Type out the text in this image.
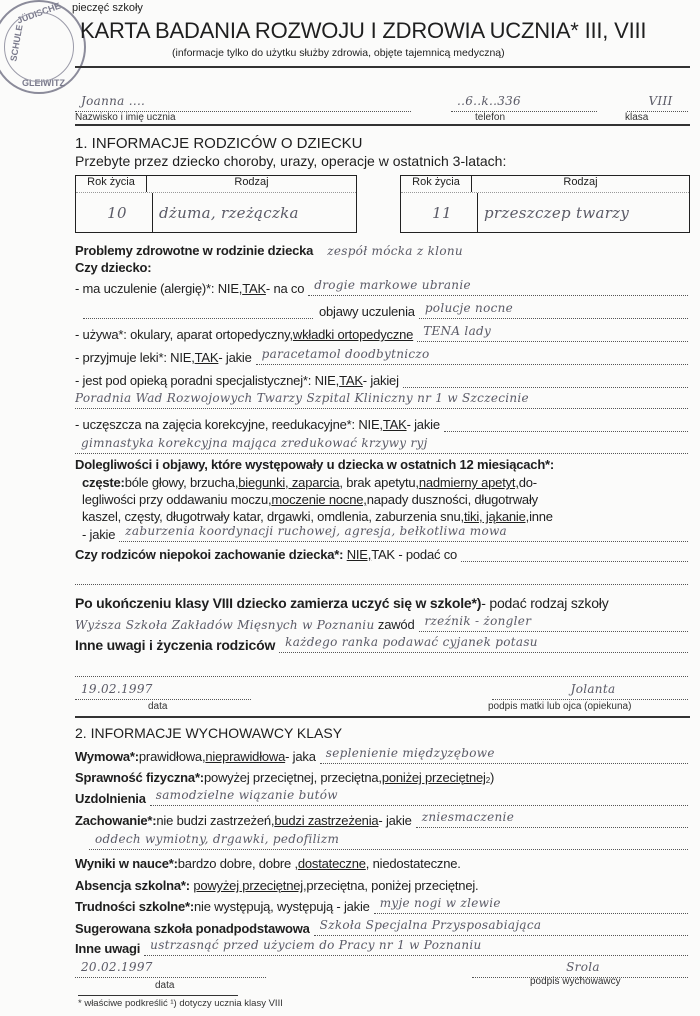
JÜDISCHE
SCHULE
GLEIWITZ
pieczęć szkoły
KARTA BADANIA ROZWOJU I ZDROWIA UCZNIA* III, VIII
(informacje tylko do użytku służby zdrowia, objęte tajemnicą medyczną)
Joanna ....	..6..k..336	VIII
Nazwisko i imię ucznia	telefon	klasa
1. INFORMACJE RODZICÓW O DZIECKU
Przebyte przez dziecko choroby, urazy, operacje w ostatnich 3-latach:
Rok życia	Rodzaj
10	dżuma, rzeżączka
Rok życia	Rodzaj
11	przeszczep twarzy
Problemy zdrowotne w rodzinie dziecka	zespół mócka z klonu
Czy dziecko:
- ma uczulenie (alergię)*: NIE, TAK - na co drogie markowe ubranie
objawy uczulenia polucje nocne
- używa*: okulary, aparat ortopedyczny, wkładki ortopedyczne TENA lady
- przyjmuje leki*: NIE, TAK - jakie paracetamol doodbytniczo
- jest pod opieką poradni specjalistycznej*: NIE, TAK - jakiej
Poradnia Wad Rozwojowych Twarzy Szpital Kliniczny nr 1 w Szczecinie
- uczęszcza na zajęcia korekcyjne, reedukacyjne*: NIE, TAK - jakie
gimnastyka korekcyjna mająca zredukować krzywy ryj
Dolegliwości i objawy, które występowały u dziecka w ostatnich 12 miesiącach*:
częste: bóle głowy, brzucha, biegunki, zaparcia , brak apetytu, nadmierny apetyt, do-
legliwości przy oddawaniu moczu, moczenie nocne, napady duszności, długotrwały
kaszel, częsty, długotrwały katar, drgawki, omdlenia, zaburzenia snu, tiki, jąkanie, inne
- jakie zaburzenia koordynacji ruchowej, agresja, bełkotliwa mowa
Czy rodziców niepokoi zachowanie dziecka*:
NIE, TAK - podać co
Po ukończeniu klasy VIII dziecko zamierza uczyć się w szkole*) - podać rodzaj szkoły
Wyższa Szkoła Zakładów Mięsnych w Poznaniu
zawód rzeźnik - żongler
Inne uwagi i życzenia rodziców każdego ranka podawać cyjanek potasu
19.02.1997	Jolanta
data	podpis matki lub ojca (opiekuna)
2. INFORMACJE WYCHOWAWCY KLASY
Wymowa*: prawidłowa, nieprawidłowa - jaka seplenienie międzyzębowe
Sprawność fizyczna*: powyżej przeciętnej, przeciętna, poniżej przeciętnej$_2$ )
Uzdolnienia samodzielne wiązanie butów
Zachowanie*: nie budzi zastrzeżeń, budzi zastrzeżenia - jakie zniesmaczenie
oddech wymiotny, drgawki, pedofilizm
Wyniki w nauce*: bardzo dobre, dobre , dostateczne , niedostateczne.
Absencja szkolna*:
powyżej przeciętnej, przeciętna, poniżej przeciętnej.
Trudności szkolne*: nie występują, występują - jakie myje nogi w zlewie
Sugerowana szkoła ponadpodstawowa Szkoła Specjalna Przysposabiająca
Inne uwagi ustrzasnąć przed użyciem do Pracy nr 1 w Poznaniu
20.02.1997	Srola
data	podpis wychowawcy
* właściwe podkreślić ¹) dotyczy ucznia klasy VIII
